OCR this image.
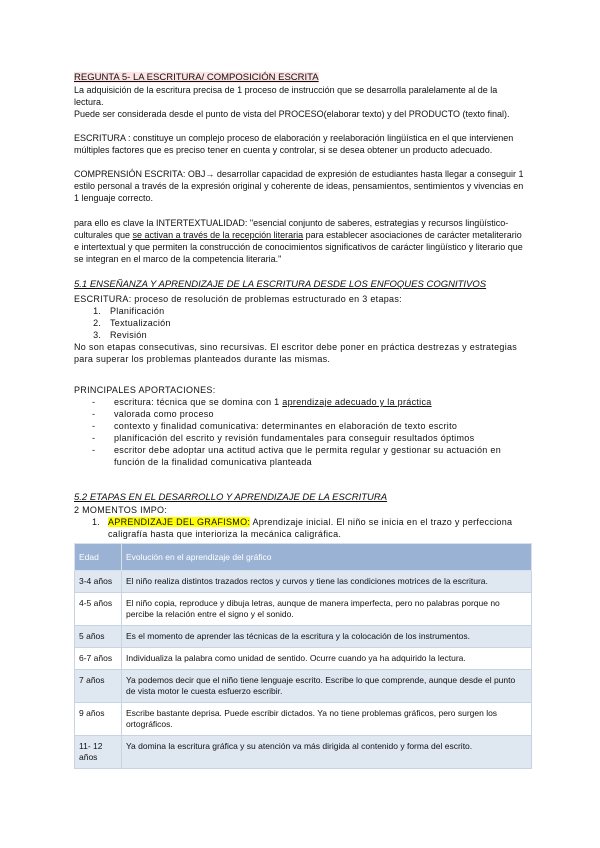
REGUNTA 5- LA ESCRITURA/ COMPOSICIÓN ESCRITA
La adquisición de la escritura precisa de 1 proceso de instrucción que se desarrolla paralelamente al de la lectura.
Puede ser considerada desde el punto de vista del PROCESO(elaborar texto) y del PRODUCTO (texto final).
ESCRITURA : constituye un complejo proceso de elaboración y reelaboración lingüística en el que intervienen múltiples factores que es preciso tener en cuenta y controlar, si se desea obtener un producto adecuado.
COMPRENSIÓN ESCRITA: OBJ→ desarrollar capacidad de expresión de estudiantes hasta llegar a conseguir 1 estilo personal a través de la expresión original y coherente de ideas, pensamientos, sentimientos y vivencias en 1 lenguaje correcto.
para ello es clave la INTERTEXTUALIDAD: "esencial conjunto de saberes, estrategias y recursos lingüístico-culturales que se activan a través de la recepción literaria para establecer asociaciones de carácter metaliterario e intertextual y que permiten la construcción de conocimientos significativos de carácter lingüístico y literario que se integran en el marco de la competencia literaria."
5.1 ENSEÑANZA Y APRENDIZAJE DE LA ESCRITURA DESDE LOS ENFOQUES COGNITIVOS
ESCRITURA: proceso de resolución de problemas estructurado en 3 etapas:
1. Planificación
2. Textualización
3. Revisión
No son etapas consecutivas, sino recursivas. El escritor debe poner en práctica destrezas y estrategias para superar los problemas planteados durante las mismas.
PRINCIPALES APORTACIONES:
- escritura: técnica que se domina con 1 aprendizaje adecuado y la práctica
- valorada como proceso
- contexto y finalidad comunicativa: determinantes en elaboración de texto escrito
- planificación del escrito y revisión fundamentales para conseguir resultados óptimos
- escritor debe adoptar una actitud activa que le permita regular y gestionar su actuación en función de la finalidad comunicativa planteada
5.2 ETAPAS EN EL DESARROLLO Y APRENDIZAJE DE LA ESCRITURA
2 MOMENTOS IMPO:
1. APRENDIZAJE DEL GRAFISMO: Aprendizaje inicial. El niño se inicia en el trazo y perfecciona caligrafía hasta que interioriza la mecánica caligráfica.
Edad	Evolución en el aprendizaje del gráfico
3-4 años	El niño realiza distintos trazados rectos y curvos y tiene las condiciones motrices de la escritura.
4-5 años	El niño copia, reproduce y dibuja letras, aunque de manera imperfecta, pero no palabras porque no percibe la relación entre el signo y el sonido.
5 años	Es el momento de aprender las técnicas de la escritura y la colocación de los instrumentos.
6-7 años	Individualiza la palabra como unidad de sentido. Ocurre cuando ya ha adquirido la lectura.
7 años	Ya podemos decir que el niño tiene lenguaje escrito. Escribe lo que comprende, aunque desde el punto de vista motor le cuesta esfuerzo escribir.
9 años	Escribe bastante deprisa. Puede escribir dictados. Ya no tiene problemas gráficos, pero surgen los ortográficos.
11- 12 años	Ya domina la escritura gráfica y su atención va más dirigida al contenido y forma del escrito.
